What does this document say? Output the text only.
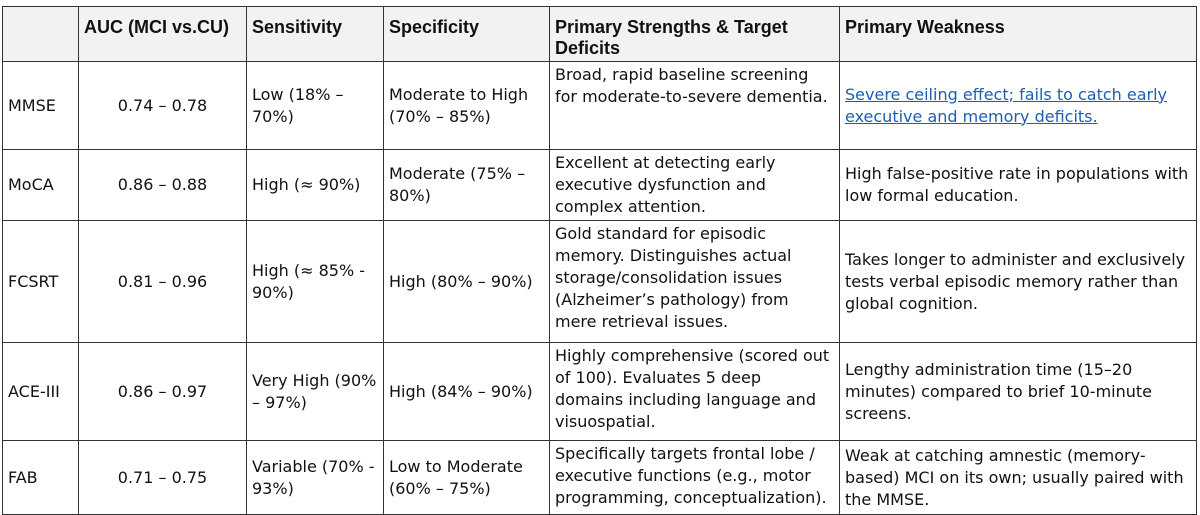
	AUC (MCI vs.CU)	Sensitivity	Specificity	Primary Strengths & Target Deficits	Primary Weakness
MMSE	0.74 – 0.78	Low (18% – 70%)	Moderate to High (70% – 85%)	Broad, rapid baseline screening for moderate-to-severe dementia.	Severe ceiling effect; fails to catch early executive and memory deficits.
MoCA	0.86 – 0.88	High (≈ 90%)	Moderate (75% – 80%)	Excellent at detecting early executive dysfunction and complex attention.	High false-positive rate in populations with low formal education.
FCSRT	0.81 – 0.96	High (≈ 85% - 90%)	High (80% – 90%)	Gold standard for episodic memory. Distinguishes actual storage/consolidation issues (Alzheimer’s pathology) from mere retrieval issues.	Takes longer to administer and exclusively tests verbal episodic memory rather than global cognition.
ACE-III	0.86 – 0.97	Very High (90% – 97%)	High (84% – 90%)	Highly comprehensive (scored out of 100). Evaluates 5 deep domains including language and visuospatial.	Lengthy administration time (15–20 minutes) compared to brief 10-minute screens.
FAB	0.71 – 0.75	Variable (70% - 93%)	Low to Moderate (60% – 75%)	Specifically targets frontal lobe / executive functions (e.g., motor programming, conceptualization).	Weak at catching amnestic (memory-based) MCI on its own; usually paired with the MMSE.
